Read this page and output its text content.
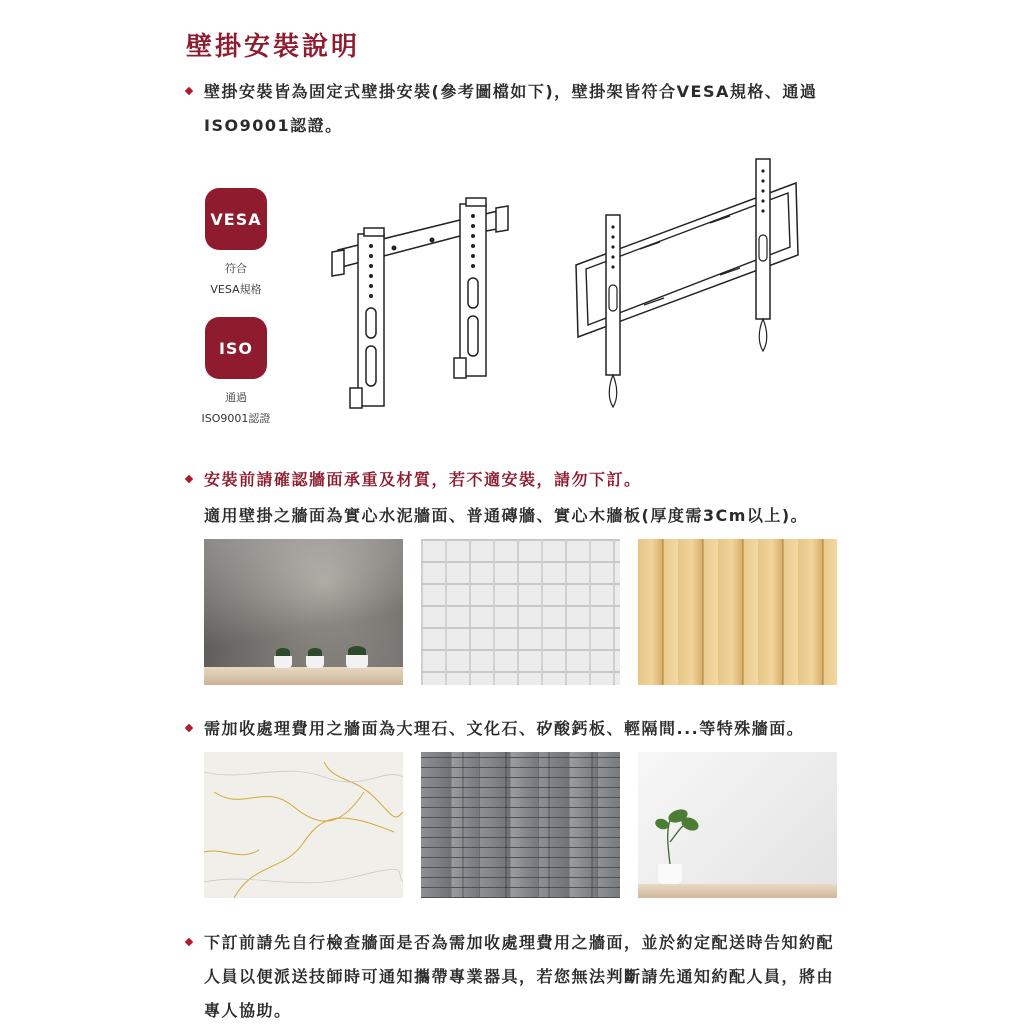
壁掛安裝說明
壁掛安裝皆為固定式壁掛安裝(參考圖檔如下)，壁掛架皆符合VESA規格、通過
ISO9001認證。
VESA
符合
VESA規格
ISO
通過
ISO9001認證
安裝前請確認牆面承重及材質，若不適安裝，請勿下訂。
適用壁掛之牆面為實心水泥牆面、普通磚牆、實心木牆板(厚度需3Cm以上)。
需加收處理費用之牆面為大理石、文化石、矽酸鈣板、輕隔間...等特殊牆面。
下訂前請先自行檢查牆面是否為需加收處理費用之牆面，並於約定配送時告知約配
人員以便派送技師時可通知攜帶專業器具，若您無法判斷請先通知約配人員，將由
專人協助。
